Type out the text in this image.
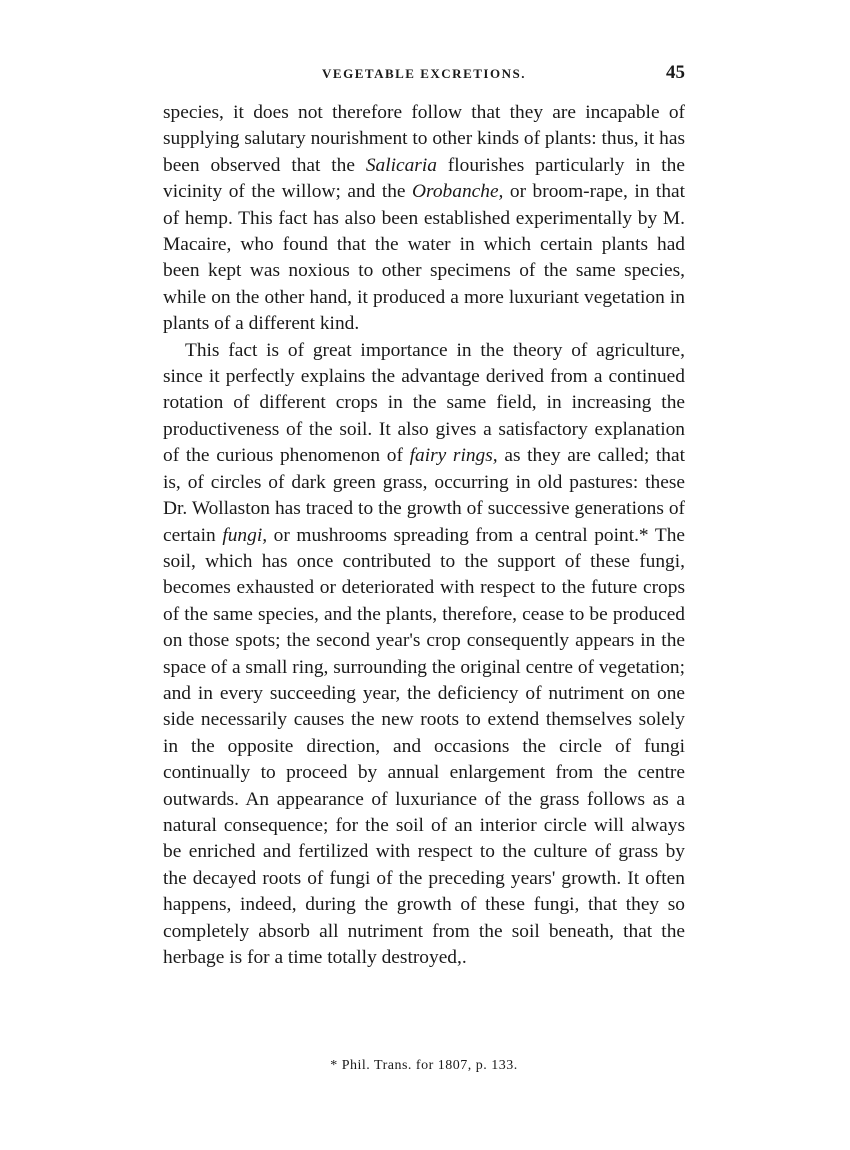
VEGETABLE EXCRETIONS.	45

species, it does not therefore follow that they are incapable of supplying salutary nourishment to other kinds of plants: thus, it has been observed that the Salicaria flourishes particularly in the vicinity of the willow; and the Orobanche, or broom-rape, in that of hemp. This fact has also been established experimentally by M. Macaire, who found that the water in which certain plants had been kept was noxious to other specimens of the same species, while on the other hand, it produced a more luxuriant vegetation in plants of a different kind.

This fact is of great importance in the theory of agriculture, since it perfectly explains the advantage derived from a continued rotation of different crops in the same field, in increasing the productiveness of the soil. It also gives a satisfactory explanation of the curious phenomenon of fairy rings, as they are called; that is, of circles of dark green grass, occurring in old pastures: these Dr. Wollaston has traced to the growth of successive generations of certain fungi, or mushrooms spreading from a central point.* The soil, which has once contributed to the support of these fungi, becomes exhausted or deteriorated with respect to the future crops of the same species, and the plants, therefore, cease to be produced on those spots; the second year's crop consequently appears in the space of a small ring, surrounding the original centre of vegetation; and in every succeeding year, the deficiency of nutriment on one side necessarily causes the new roots to extend themselves solely in the opposite direction, and occasions the circle of fungi continually to proceed by annual enlargement from the centre outwards. An appearance of luxuriance of the grass follows as a natural consequence; for the soil of an interior circle will always be enriched and fertilized with respect to the culture of grass by the decayed roots of fungi of the preceding years' growth. It often happens, indeed, during the growth of these fungi, that they so completely absorb all nutriment from the soil beneath, that the herbage is for a time totally destroyed,.

* Phil. Trans. for 1807, p. 133.
